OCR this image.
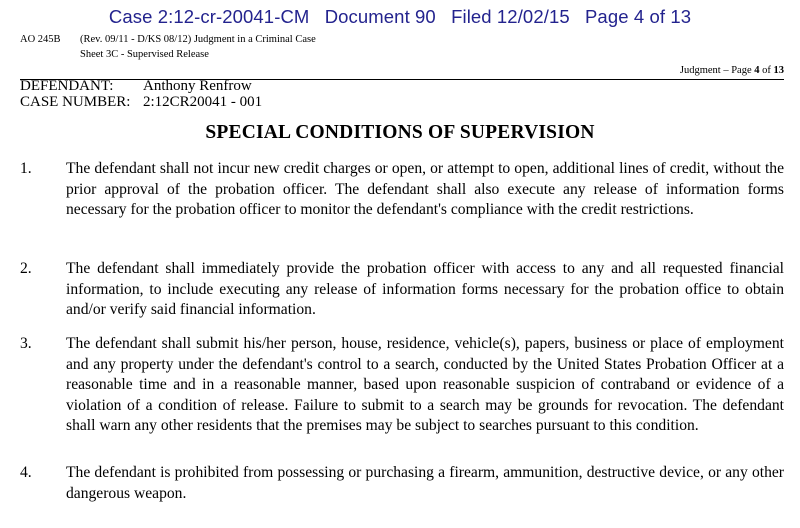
Case 2:12-cr-20041-CM Document 90 Filed 12/02/15 Page 4 of 13
AO 245B (Rev. 09/11 - D/KS 08/12) Judgment in a Criminal Case
Sheet 3C - Supervised Release
Judgment – Page 4 of 13
DEFENDANT: Anthony Renfrow
CASE NUMBER: 2:12CR20041 - 001
SPECIAL CONDITIONS OF SUPERVISION
1.	The defendant shall not incur new credit charges or open, or attempt to open, additional lines of credit, without the prior approval of the probation officer. The defendant shall also execute any release of information forms necessary for the probation officer to monitor the defendant's compliance with the credit restrictions.
2.	The defendant shall immediately provide the probation officer with access to any and all requested financial information, to include executing any release of information forms necessary for the probation office to obtain and/or verify said financial information.
3.	The defendant shall submit his/her person, house, residence, vehicle(s), papers, business or place of employment and any property under the defendant's control to a search, conducted by the United States Probation Officer at a reasonable time and in a reasonable manner, based upon reasonable suspicion of contraband or evidence of a violation of a condition of release. Failure to submit to a search may be grounds for revocation. The defendant shall warn any other residents that the premises may be subject to searches pursuant to this condition.
4.	The defendant is prohibited from possessing or purchasing a firearm, ammunition, destructive device, or any other dangerous weapon.
